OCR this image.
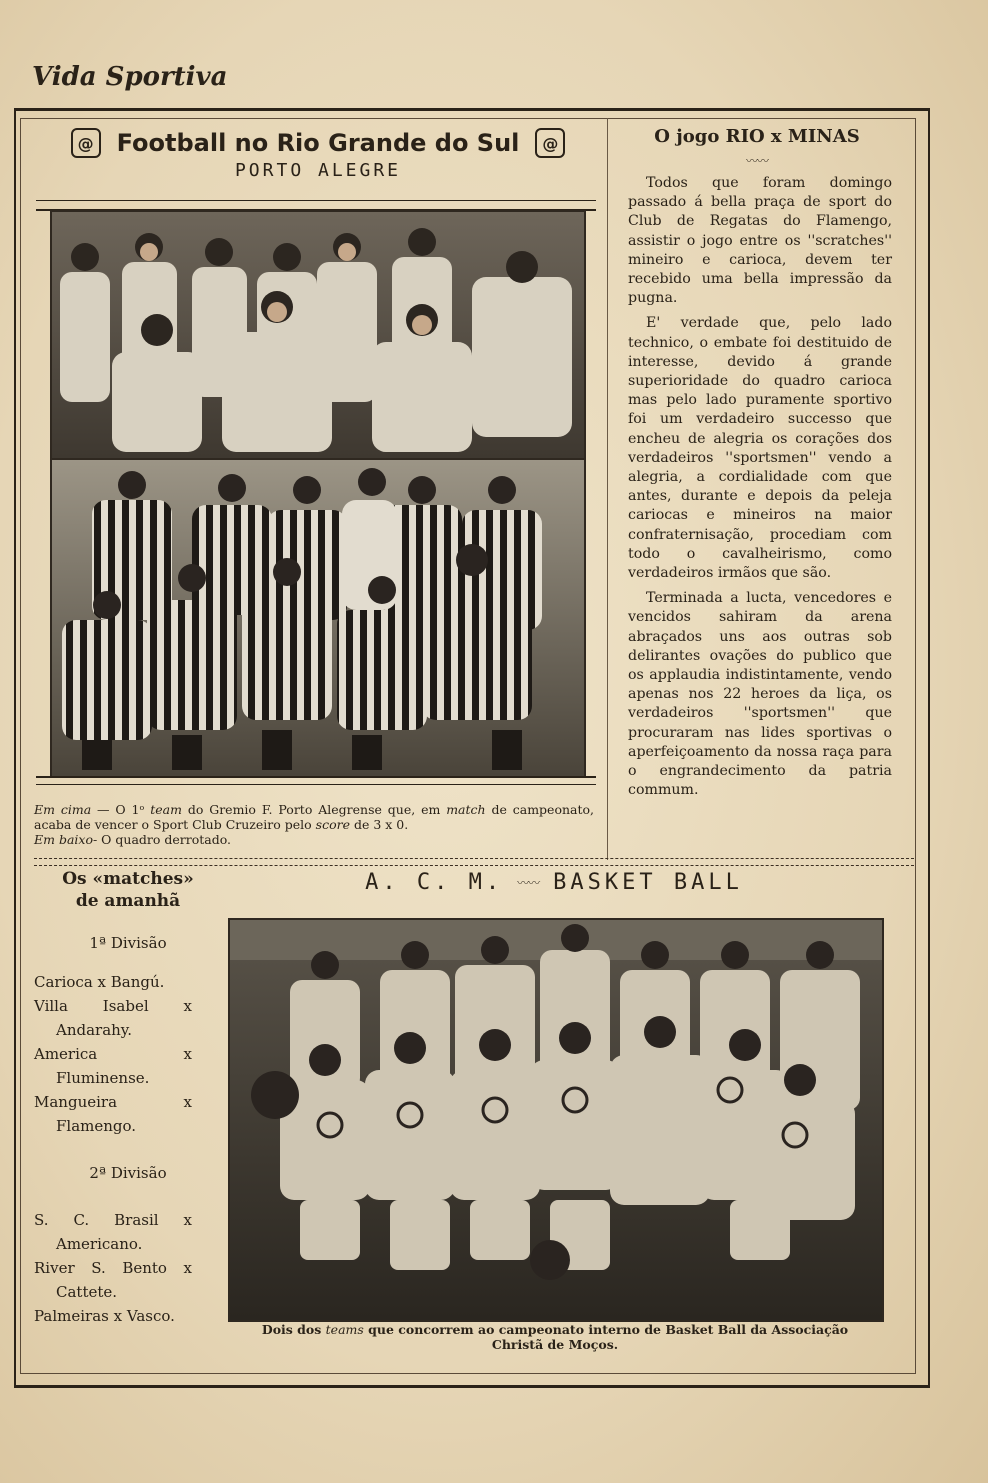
Vida Sportiva
@ Football no Rio Grande do Sul	@
PORTO ALEGRE
Em cima — O 1ᵒ team do Gremio F. Porto Alegrense que, em match de campeonato, acaba de vencer o Sport Club Cruzeiro pelo score de 3 x 0.
Em baixo- O quadro derrotado.
O jogo RIO x MINAS
〰〰

Todos que foram domingo passado á bella praça de sport do Club de Regatas do Flamengo, assistir o jogo entre os ''scratches'' mineiro e carioca, devem ter recebido uma bella impressão da pugna.

E' verdade que, pelo lado technico, o embate foi destituido de interesse, devido á grande superioridade do quadro carioca mas pelo lado puramente sportivo foi um verdadeiro successo que encheu de alegria os corações dos verdadeiros ''sportsmen'' vendo a alegria, a cordialidade com que antes, durante e depois da peleja cariocas e mineiros na maior confraternisação, procediam com todo o cavalheirismo, como verdadeiros irmãos que são.

Terminada a lucta, vencedores e vencidos sahiram da arena abraçados uns aos outras sob delirantes ovações do publico que os applaudia indistintamente, vendo apenas nos 22 heroes da liça, os verdadeiros ''sportsmen'' que procuraram nas lides sportivas o aperfeiçoamento da nossa raça para o engrandecimento da patria commum.

Os «matches»
de amanhã
1ª Divisão
Carioca x Bangú.
Villa Isabel x Andarahy.
America x Fluminense.
Mangueira x Flamengo.
2ª Divisão
S. C. Brasil x Americano.
River S. Bento x Cattete.
Palmeiras x Vasco.
A. C. M. 〰〰 BASKET BALL
Dois dos teams que concorrem ao campeonato interno de Basket Ball da Associação Christã de Moços.
